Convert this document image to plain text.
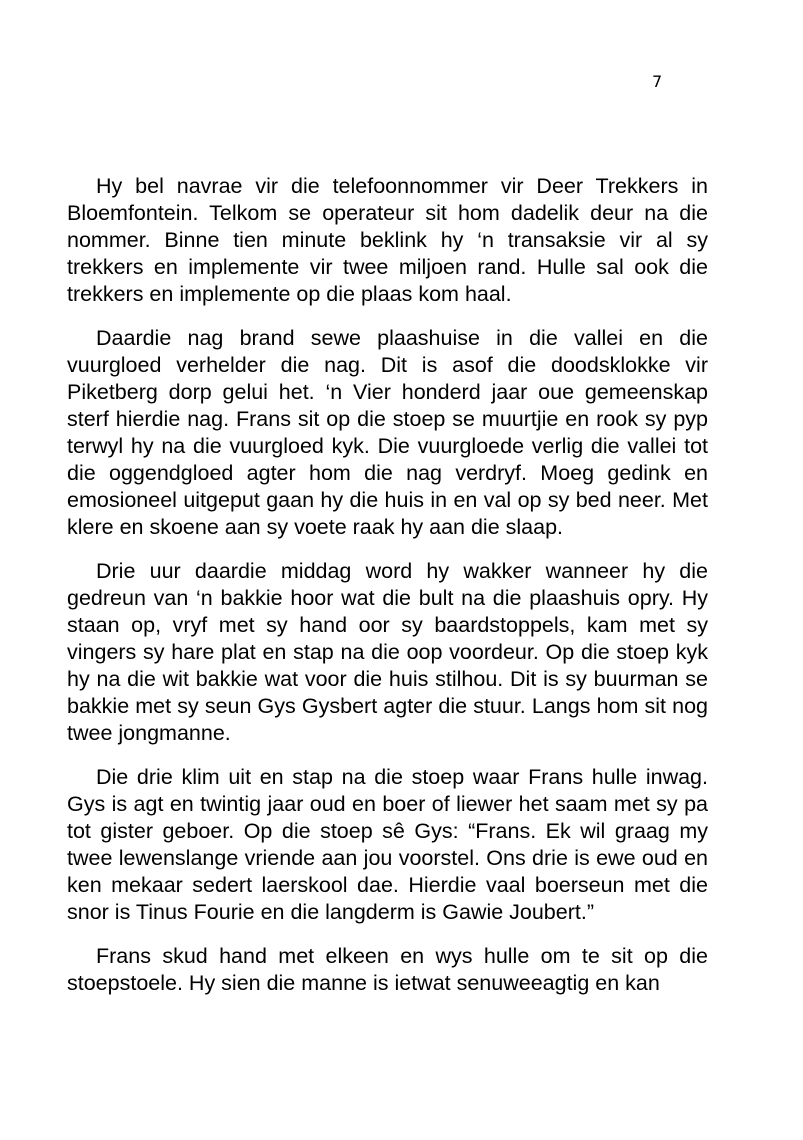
7

Hy bel navrae vir die telefoonnommer vir Deer Trekkers in Bloemfontein. Telkom se operateur sit hom dadelik deur na die nommer. Binne tien minute beklink hy ‘n transaksie vir al sy trekkers en implemente vir twee miljoen rand. Hulle sal ook die trekkers en implemente op die plaas kom haal.

Daardie nag brand sewe plaashuise in die vallei en die vuurgloed verhelder die nag. Dit is asof die doodsklokke vir Piketberg dorp gelui het. ‘n Vier honderd jaar oue gemeenskap sterf hierdie nag. Frans sit op die stoep se muurtjie en rook sy pyp terwyl hy na die vuurgloed kyk. Die vuurgloede verlig die vallei tot die oggendgloed agter hom die nag verdryf. Moeg gedink en emosioneel uitgeput gaan hy die huis in en val op sy bed neer. Met klere en skoene aan sy voete raak hy aan die slaap.

Drie uur daardie middag word hy wakker wanneer hy die gedreun van ‘n bakkie hoor wat die bult na die plaashuis opry. Hy staan op, vryf met sy hand oor sy baardstoppels, kam met sy vingers sy hare plat en stap na die oop voordeur. Op die stoep kyk hy na die wit bakkie wat voor die huis stilhou. Dit is sy buurman se bakkie met sy seun Gys Gysbert agter die stuur. Langs hom sit nog twee jongmanne.

Die drie klim uit en stap na die stoep waar Frans hulle inwag. Gys is agt en twintig jaar oud en boer of liewer het saam met sy pa tot gister geboer. Op die stoep sê Gys: “Frans. Ek wil graag my twee lewenslange vriende aan jou voorstel. Ons drie is ewe oud en ken mekaar sedert laerskool dae. Hierdie vaal boerseun met die snor is Tinus Fourie en die langderm is Gawie Joubert.”

Frans skud hand met elkeen en wys hulle om te sit op die stoepstoele. Hy sien die manne is ietwat senuweeagtig en kan
